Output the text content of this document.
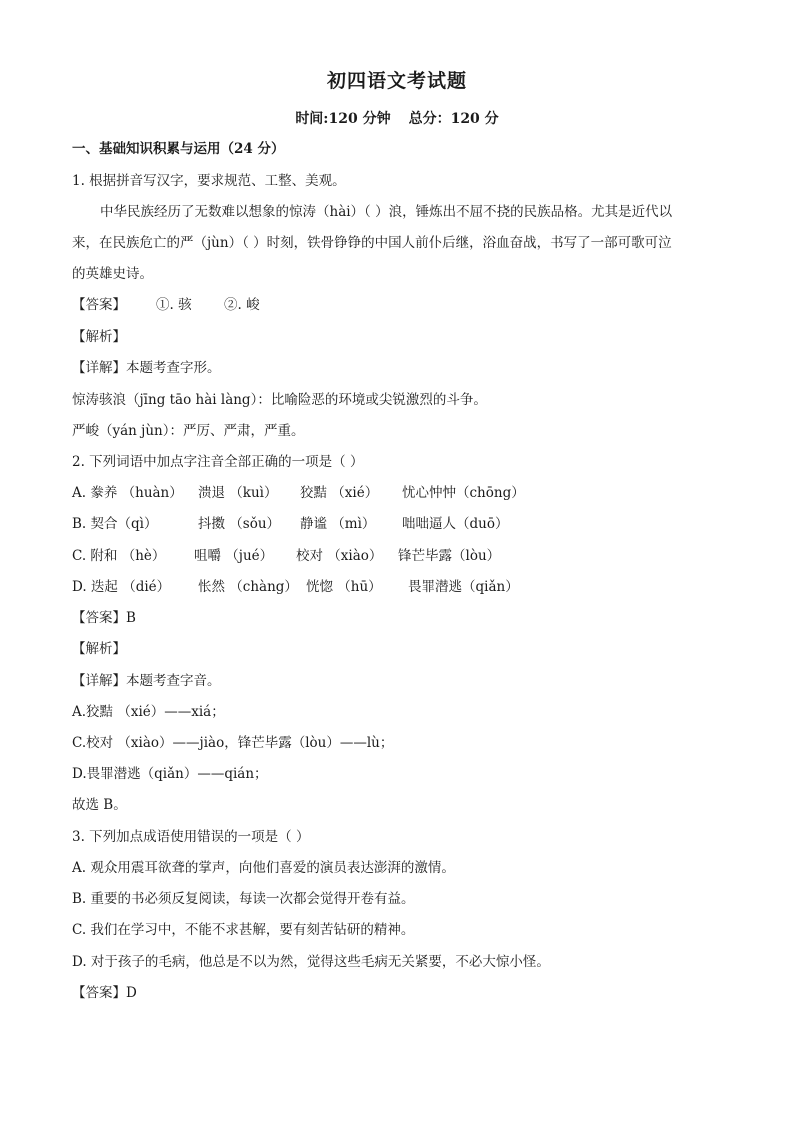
初四语文考试题
时间:120 分钟 总分：120 分
一、基础知识积累与运用（24 分）
1. 根据拼音写汉字，要求规范、工整、美观。
中华民族经历了无数难以想象的惊涛（hài）（ ）浪，锤炼出不屈不挠的民族品格。尤其是近代以
来，在民族危亡的严（jùn）（ ）时刻，铁骨铮铮的中国人前仆后继，浴血奋战，书写了一部可歌可泣
的英雄史诗。
【答案】 ①. 骇 ②. 峻
【解析】
【详解】本题考查字形。
惊涛骇浪（jīng tāo hài làng）：比喻险恶的环境或尖锐激烈的斗争。
严峻（yán jùn）：严厉、严肃，严重。
2. 下列词语中加点字注音全部正确的一项是（ ）
A. 豢养 （huàn） 溃退 （kuì） 狡黠 （xié） 忧心忡忡（chōng）
B. 契合（qì）	抖擞 （sǒu） 静谧 （mì） 咄咄逼人（duō）
C. 附和 （hè） 咀嚼 （jué） 校对 （xiào） 锋芒毕露（lòu）
D. 迭起 （dié） 怅然 （chàng） 恍惚 （hū） 畏罪潜逃（qiǎn）
【答案】B
【解析】
【详解】本题考查字音。
A.狡黠 （xié）——xiá；
C.校对 （xiào）——jiào，锋芒毕露（lòu）——lù；
D.畏罪潜逃（qiǎn）——qián；
故选 B。
3. 下列加点成语使用错误的一项是（ ）
A. 观众用震耳欲聋的掌声，向他们喜爱的演员表达澎湃的激情。
B. 重要的书必须反复阅读，每读一次都会觉得开卷有益。
C. 我们在学习中，不能不求甚解，要有刻苦钻研的精神。
D. 对于孩子的毛病，他总是不以为然，觉得这些毛病无关紧要，不必大惊小怪。
【答案】D
